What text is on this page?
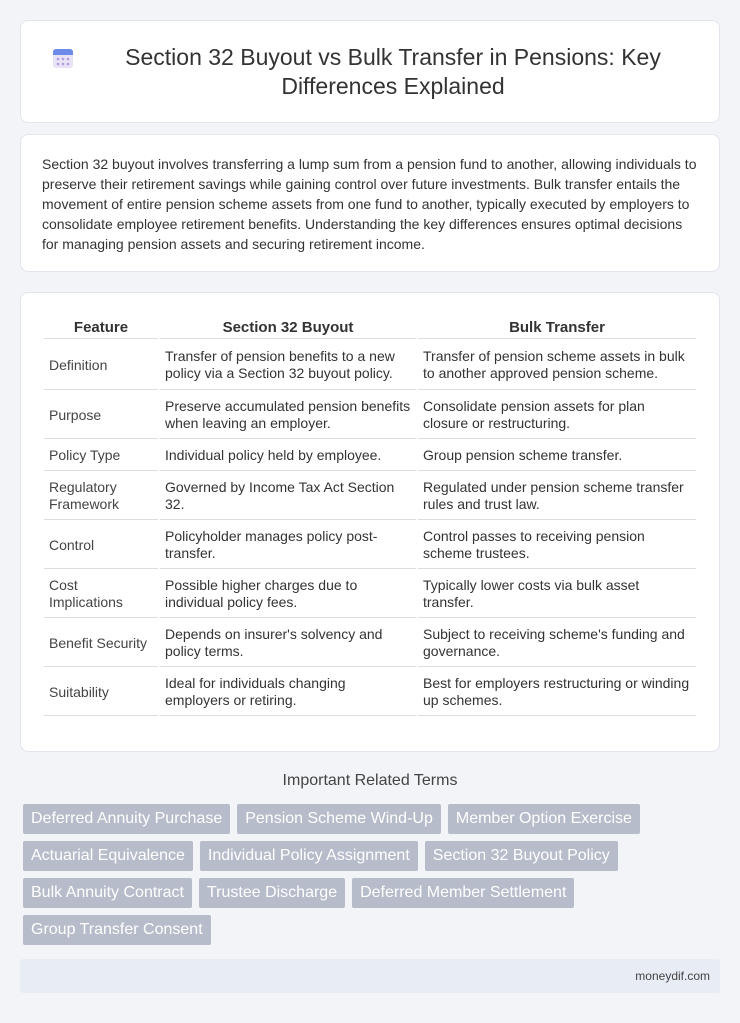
Section 32 Buyout vs Bulk Transfer in Pensions: Key Differences Explained

Section 32 buyout involves transferring a lump sum from a pension fund to another, allowing individuals to preserve their retirement savings while gaining control over future investments. Bulk transfer entails the movement of entire pension scheme assets from one fund to another, typically executed by employers to consolidate employee retirement benefits. Understanding the key differences ensures optimal decisions for managing pension assets and securing retirement income.

Feature	Section 32 Buyout	Bulk Transfer
Definition	Transfer of pension benefits to a new policy via a Section 32 buyout policy.	Transfer of pension scheme assets in bulk to another approved pension scheme.
Purpose	Preserve accumulated pension benefits when leaving an employer.	Consolidate pension assets for plan closure or restructuring.
Policy Type	Individual policy held by employee.	Group pension scheme transfer.
Regulatory Framework	Governed by Income Tax Act Section 32.	Regulated under pension scheme transfer rules and trust law.
Control	Policyholder manages policy post-transfer.	Control passes to receiving pension scheme trustees.
Cost Implications	Possible higher charges due to individual policy fees.	Typically lower costs via bulk asset transfer.
Benefit Security	Depends on insurer's solvency and policy terms.	Subject to receiving scheme's funding and governance.
Suitability	Ideal for individuals changing employers or retiring.	Best for employers restructuring or winding up schemes.
Important Related Terms
Deferred Annuity Purchase	Pension Scheme Wind-Up	Member Option Exercise
Actuarial Equivalence	Individual Policy Assignment	Section 32 Buyout Policy
Bulk Annuity Contract	Trustee Discharge	Deferred Member Settlement
Group Transfer Consent
moneydif.com
